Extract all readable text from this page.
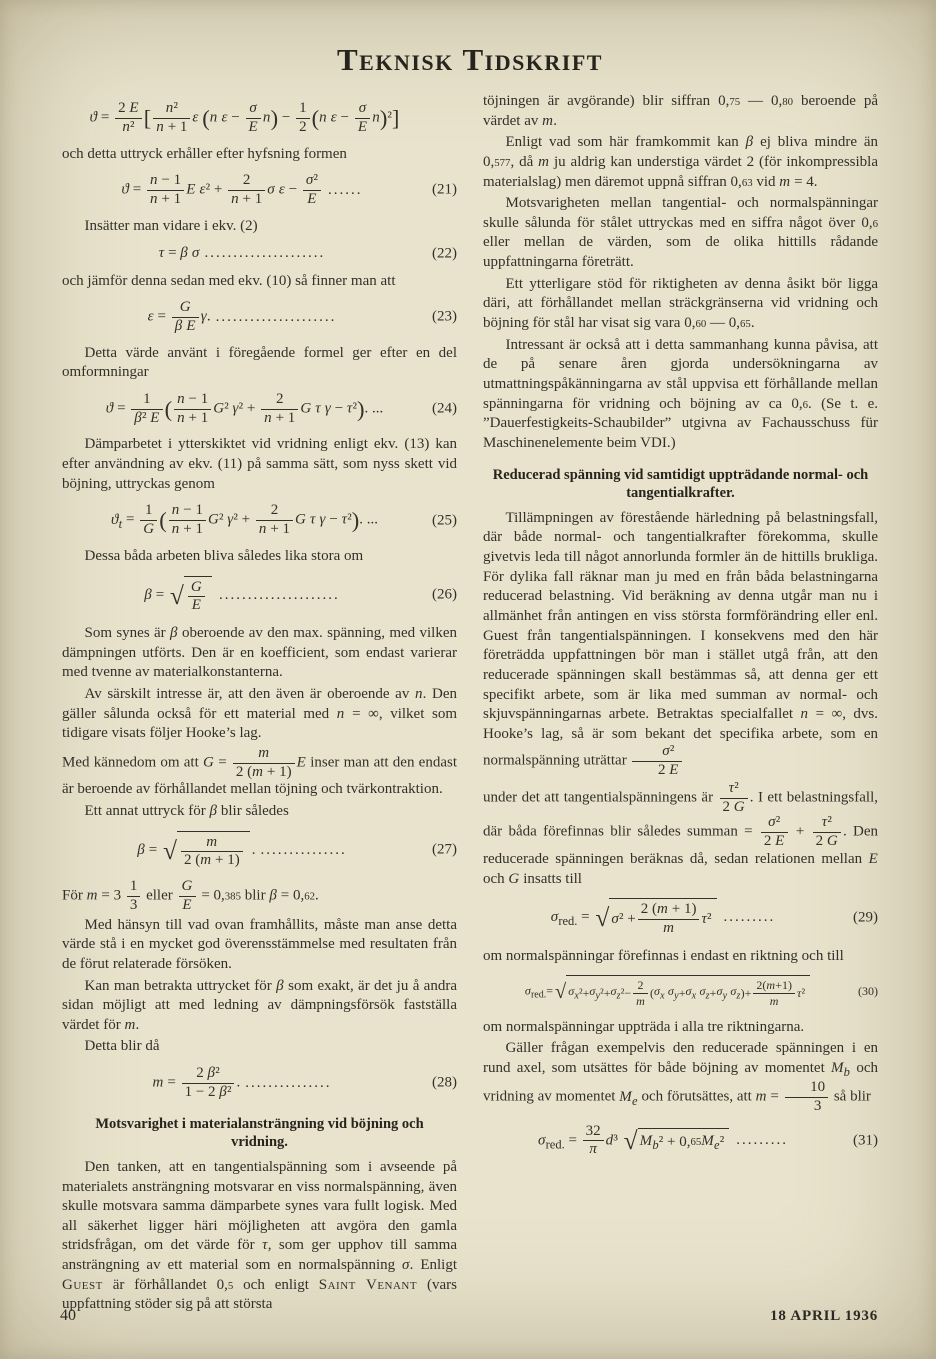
Teknisk Tidskrift
$ϑ = \frac{2 E}{\text{n²}}$ [ $\frac{\text{n²}}{n + 1}$ ε (n $\varepsilon - \frac{\sigma}{E} n) - \frac{1}{2} (n$ $\varepsilon - \frac{\sigma}{E} n)^2$]
och detta uttryck erhåller efter hyfsning formen
$ϑ = \frac{n - 1}{n + 1}$ E $\varepsilon^2 + \frac{2}{n + 1}$ σ $\varepsilon - \frac{\text{σ²}}{E}$ ......	(21)
Insätter man vidare i ekv. (2)
τ = β σ .....................	(22)
och jämför denna sedan med ekv. (10) så finner man att
$\varepsilon = \frac{G}{\text{β E}} \gamma$. .....................	(23)
Detta värde använt i föregående formel ger efter en del omformningar
$ϑ = \frac{1}{\text{β² E}}$ ( $\frac{n - 1}{n + 1} G^2$ $\gamma^2 + \frac{2}{n + 1}$ G τ γ − τ²). ...	(24)
Dämparbetet i ytterskiktet vid vridning enligt ekv. (13) kan efter användning av ekv. (11) på samma sätt, som nyss skett vid böjning, uttryckas genom
$ϑ_t = \frac{1}{G}$ ( $\frac{n - 1}{n + 1} G^2$ $\gamma^2 + \frac{2}{n + 1}$ G τ γ − τ²). ...	(25)
Dessa båda arbeten bliva således lika stora om
β = √ G
E
.....................	(26)
Som synes är β oberoende av den max. spänning, med vilken dämpningen utförts. Den är en koefficient, som endast varierar med tvenne av materialkonstanterna.
Av särskilt intresse är, att den även är oberoende av n. Den gäller sålunda också för ett material med n = ∞, vilket som tidigare visats följer Hooke’s lag.
Med kännedom om att $G = \frac{m}{2 (m + 1)}$ E inser man att den endast är beroende av förhållandet mellan töjning och tvärkontraktion.
Ett annat uttryck för β blir således
β = √	m
2 (m + 1)
. ...............	(27)
För $m = 3 \frac{1}{3}$ eller $\frac{G}{E} = 0,385$ blir β = 0,62.
Med hänsyn till vad ovan framhållits, måste man anse detta värde stå i en mycket god överensstämmelse med resultaten från de förut relaterade försöken.
Kan man betrakta uttrycket för β som exakt, är det ju å andra sidan möjligt att med ledning av dämpningsförsök fastställa värdet för m.
Detta blir då
$m = \frac{\text{2 β²}}{\text{1 − 2 β²}}$ . ...............	(28)
Motsvarighet i materialansträngning vid böjning och vridning.
Den tanken, att en tangentialspänning som i avseende på materialets ansträngning motsvarar en viss normalspänning, även skulle motsvara samma dämparbete synes vara fullt logisk. Med all säkerhet ligger häri möjligheten att avgöra den gamla stridsfrågan, om det värde för τ, som ger upphov till samma ansträngning av ett material som en normalspänning σ. Enligt Guest är förhållandet 0,5 och enligt Saint Venant (vars uppfattning stöder sig på att största
töjningen är avgörande) blir siffran 0,75 — 0,80 beroende på värdet av m.
Enligt vad som här framkommit kan β ej bliva mindre än 0,577, då m ju aldrig kan understiga värdet 2 (för inkompressibla materialslag) men däremot uppnå siffran 0,63 vid m = 4.
Motsvarigheten mellan tangential- och normalspänningar skulle sålunda för stålet uttryckas med en siffra något över 0,6 eller mellan de värden, som de olika hittills rådande uppfattningarna företrätt.
Ett ytterligare stöd för riktigheten av denna åsikt bör ligga däri, att förhållandet mellan sträckgränserna vid vridning och böjning för stål har visat sig vara 0,60 — 0,65.
Intressant är också att i detta sammanhang kunna påvisa, att de på senare åren gjorda undersökningarna av utmattningspåkänningarna av stål uppvisa ett förhållande mellan spänningarna för vridning och böjning av ca 0,6. (Se t. e. ”Dauerfestigkeits-Schaubilder” utgivna av Fachausschuss für Maschinenelemente beim VDI.)
Reducerad spänning vid samtidigt uppträdande normal- och tangentialkrafter.
Tillämpningen av förestående härledning på belastningsfall, där både normal- och tangentialkrafter förekomma, skulle givetvis leda till något annorlunda formler än de hittills brukliga. För dylika fall räknar man ju med en från båda belastningarna reducerad belastning. Vid beräkning av denna utgår man nu i allmänhet från antingen en viss största formförändring eller enl. Guest från tangentialspänningen. I konsekvens med den här företrädda uppfattningen bör man i stället utgå från, att den reducerade spänningen skall bestämmas så, att denna ger ett specifikt arbete, som är lika med summan av normal- och skjuvspänningarnas arbete. Betraktas specialfallet n = ∞, dvs. Hooke’s lag, så är som bekant det specifika arbete, som en normalspänning uträttar $\frac{\text{σ²}}{2 E}$
under det att tangentialspänningens är $\frac{\text{τ²}}{2 G}$ . I ett belastningsfall, där båda förefinnas blir således summan = $\frac{\text{σ²}}{2 E} + \frac{\text{τ²}}{2 G}$ . Den reducerade spänningen beräknas då, sedan relationen mellan E och G insatts till
$\sigma_{red.}$ = √ σ ² +
2 (m + 1)
m
τ ² .........	(29)
om normalspänningar förefinnas i endast en riktning och till
$\sigma_{red.}=$ √ $\sigma_x$ $^2+ \sigma_y$ $^2+ \sigma_z$ ²−
2
m
( $\sigma_x$ $\sigma_y + \sigma_x$ $\sigma_z + \sigma_y$ $\sigma_z$ )+
2(m+1)
m
τ ²	(30)
om normalspänningar uppträda i alla tre riktningarna.
Gäller frågan exempelvis den reducerade spänningen i en rund axel, som utsättes för både böjning av momentet $M_b$ och vridning av momentet $M_e$ och förutsättes, att $m = \frac{10}{3}$ så blir
$\sigma_{red.} = \frac{32}{\pi} d^3$ √ $M_b$ ² + 0, 65 $M_e$ ² .........	(31)
40	18 APRIL 1936
